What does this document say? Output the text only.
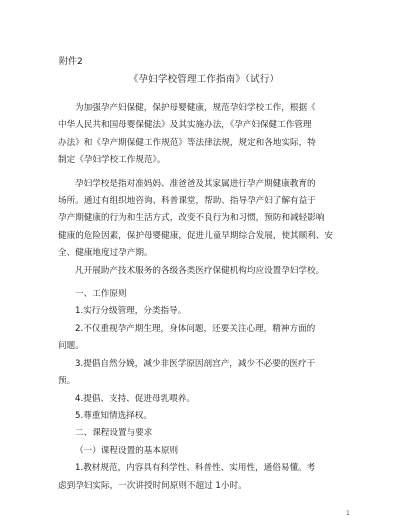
附件2
《孕妇学校管理工作指南》（试行）
为加强孕产妇保健，保护母婴健康，规范孕妇学校工作，根据《
中华人民共和国母婴保健法》及其实施办法，《孕产妇保健工作管理
办法》和《孕产期保健工作规范》等法律法规，规定和各地实际，特
制定《孕妇学校工作规范》。
孕妇学校是指对准妈妈、准爸爸及其家属进行孕产期健康教育的
场所。通过有组织地咨询、科普课堂，帮助、指导孕产妇了解有益于
孕产期健康的行为和生活方式，改变不良行为和习惯，预防和减轻影响
健康的危险因素，保护母婴健康，促进儿童早期综合发展，使其顺利、安
全、健康地度过孕产期。
凡开展助产技术服务的各级各类医疗保健机构均应设置孕妇学校。
一、工作原则
1.实行分级管理，分类指导。
2.不仅重视孕产期生理，身体问题，还要关注心理，精神方面的
问题。
3.提倡自然分娩，减少非医学原因剖宫产，减少不必要的医疗干
预。
4.提倡、支持、促进母乳喂养。
5.尊重知情选择权。
二、课程设置与要求
（一）课程设置的基本原则
1.教材规范，内容具有科学性、科普性、实用性，通俗易懂。考
虑到孕妇实际，一次讲授时间原则不超过 1小时。
1
